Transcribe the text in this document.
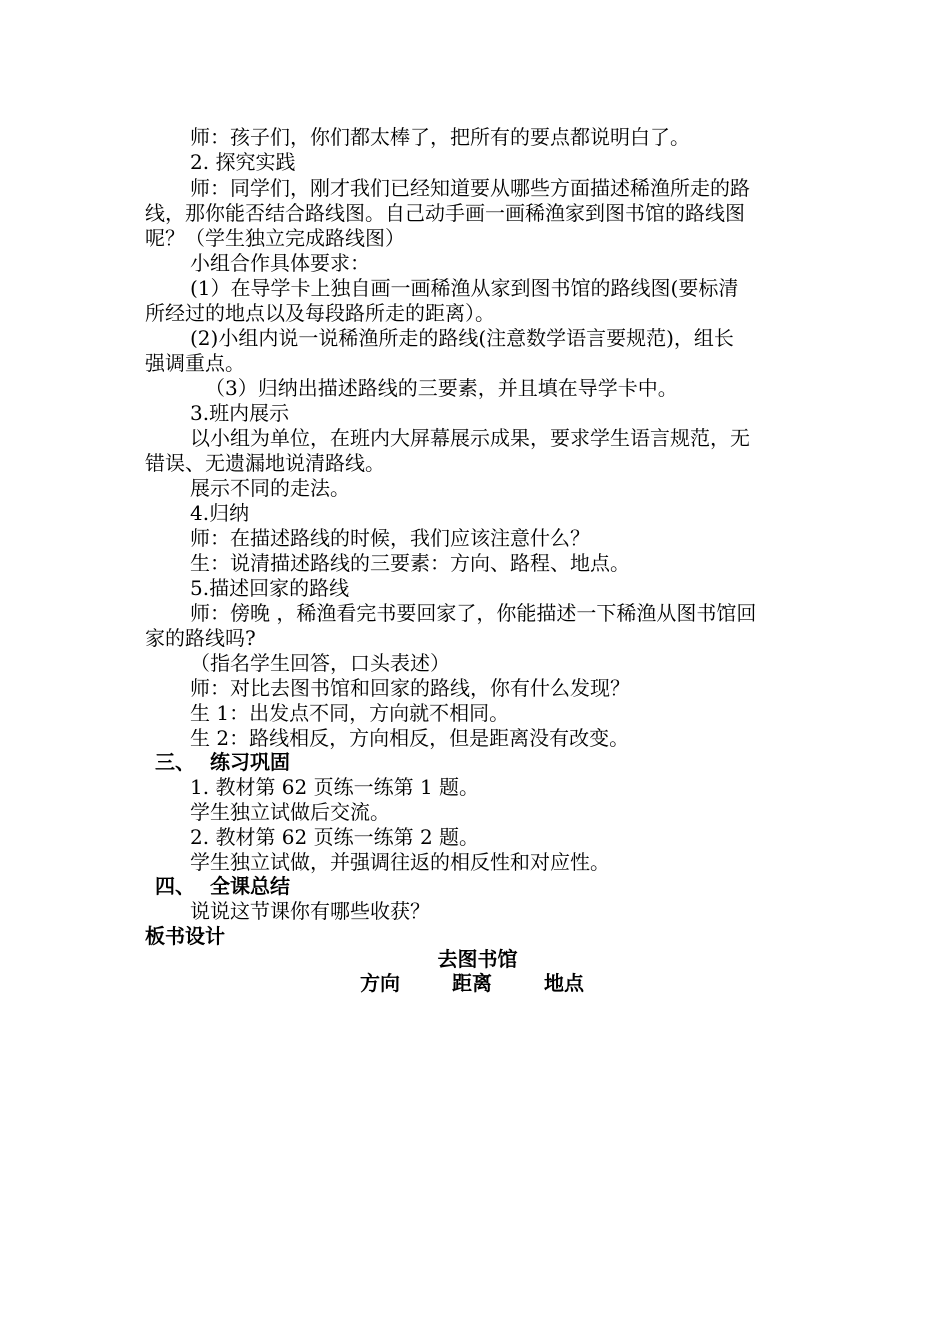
师：孩子们，你们都太棒了，把所有的要点都说明白了。
2. 探究实践
师：同学们，刚才我们已经知道要从哪些方面描述稀渔所走的路
线，那你能否结合路线图。自己动手画一画稀渔家到图书馆的路线图
呢？（学生独立完成路线图）
小组合作具体要求：
(1）在导学卡上独自画一画稀渔从家到图书馆的路线图(要标清
所经过的地点以及每段路所走的距离）。
(2)小组内说一说稀渔所走的路线(注意数学语言要规范)，组长
强调重点。
（3）归纳出描述路线的三要素，并且填在导学卡中。
3.班内展示
以小组为单位，在班内大屏幕展示成果，要求学生语言规范，无
错误、无遗漏地说清路线。
展示不同的走法。
4.归纳
师：在描述路线的时候，我们应该注意什么？
生：说清描述路线的三要素：方向、路程、地点。
5.描述回家的路线
师：傍晚 ，稀渔看完书要回家了，你能描述一下稀渔从图书馆回
家的路线吗?
（指名学生回答，口头表述）
师：对比去图书馆和回家的路线，你有什么发现？
生 1：出发点不同，方向就不相同。
生 2：路线相反，方向相反，但是距离没有改变。
三、 练习巩固
1. 教材第 62 页练一练第 1 题。
学生独立试做后交流。
2. 教材第 62 页练一练第 2 题。
学生独立试做，并强调往返的相反性和对应性。
四、 全课总结
说说这节课你有哪些收获？
板书设计
去图书馆
方向	距离	地点
